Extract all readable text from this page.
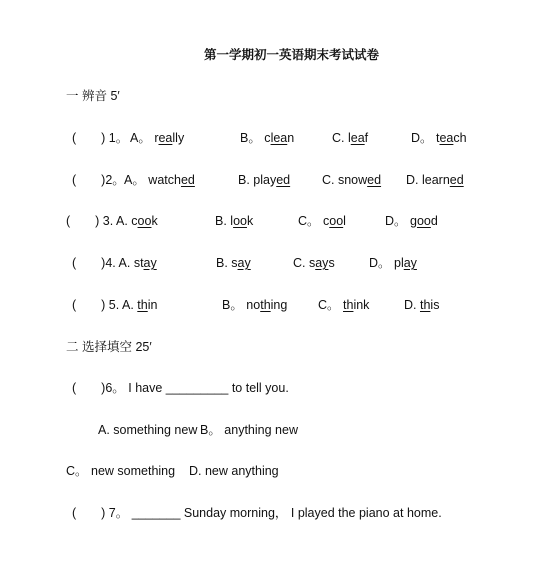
第一学期初一英语期末考试试卷
一 辨音 5′
(　　) 1。 A。 really	B。 clean	C. leaf	D。 teach
(　　)2。 A。 watched	B. played	C. snowed D. learned
(　　) 3. A. cook	B. look	C。 cool	D。 good
(　　)4. A. stay	B. say	C. says	D。 play
(　　) 5. A. thin	B。 nothing C。 think	D. this
二 选择填空 25′
(　　)6。 I have _________ to tell you.
A. something new B。 anything new
C。 new something D. new anything
(　　) 7。 _______ Sunday morning， I played the piano at home.
